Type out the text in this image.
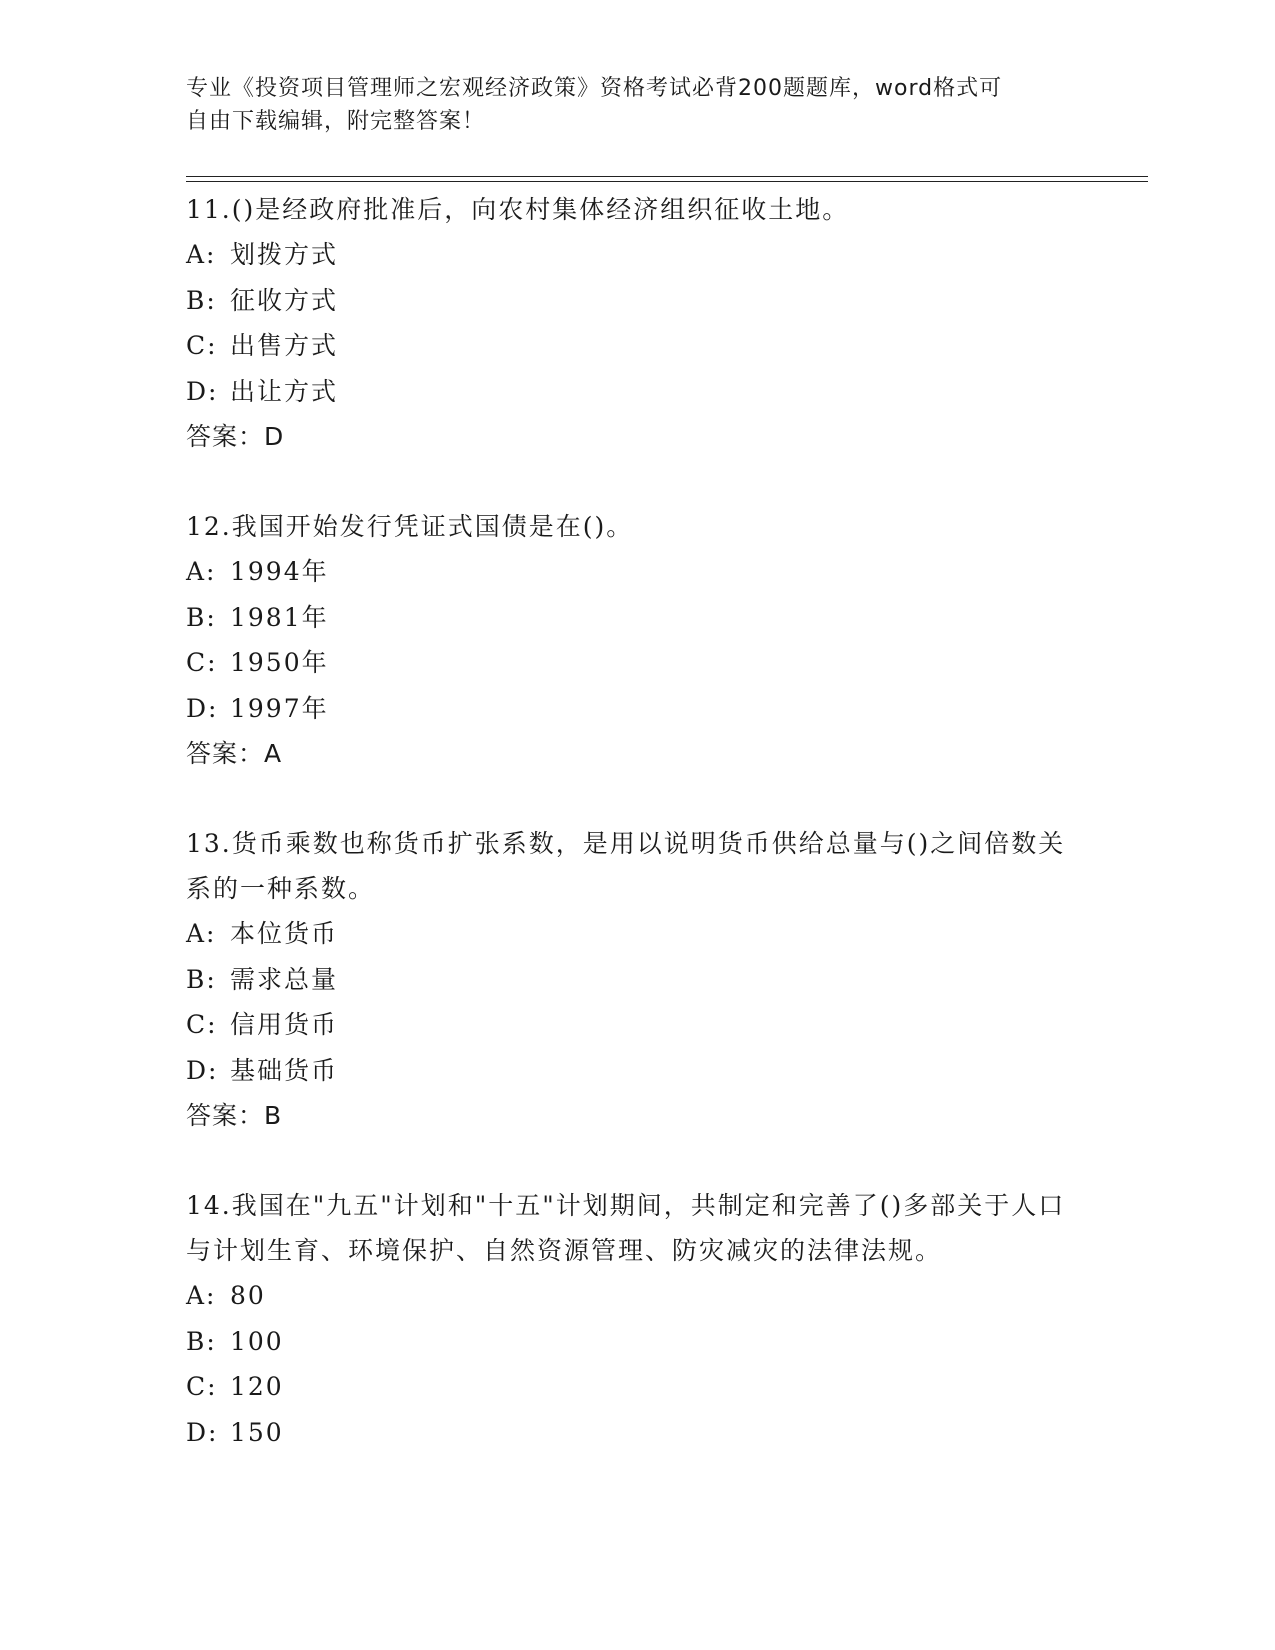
专业《投资项目管理师之宏观经济政策》资格考试必背200题题库，word格式可
自由下载编辑，附完整答案！
11.()是经政府批准后，向农村集体经济组织征收土地。
A: 划拨方式
B: 征收方式
C: 出售方式
D: 出让方式
答案：D
12.我国开始发行凭证式国债是在()。
A: 1994年
B: 1981年
C: 1950年
D: 1997年
答案：A
13.货币乘数也称货币扩张系数，是用以说明货币供给总量与()之间倍数关系的一种系数。
A: 本位货币
B: 需求总量
C: 信用货币
D: 基础货币
答案：B
14.我国在"九五"计划和"十五"计划期间，共制定和完善了()多部关于人口与计划生育、环境保护、自然资源管理、防灾减灾的法律法规。
A: 80
B: 100
C: 120
D: 150
